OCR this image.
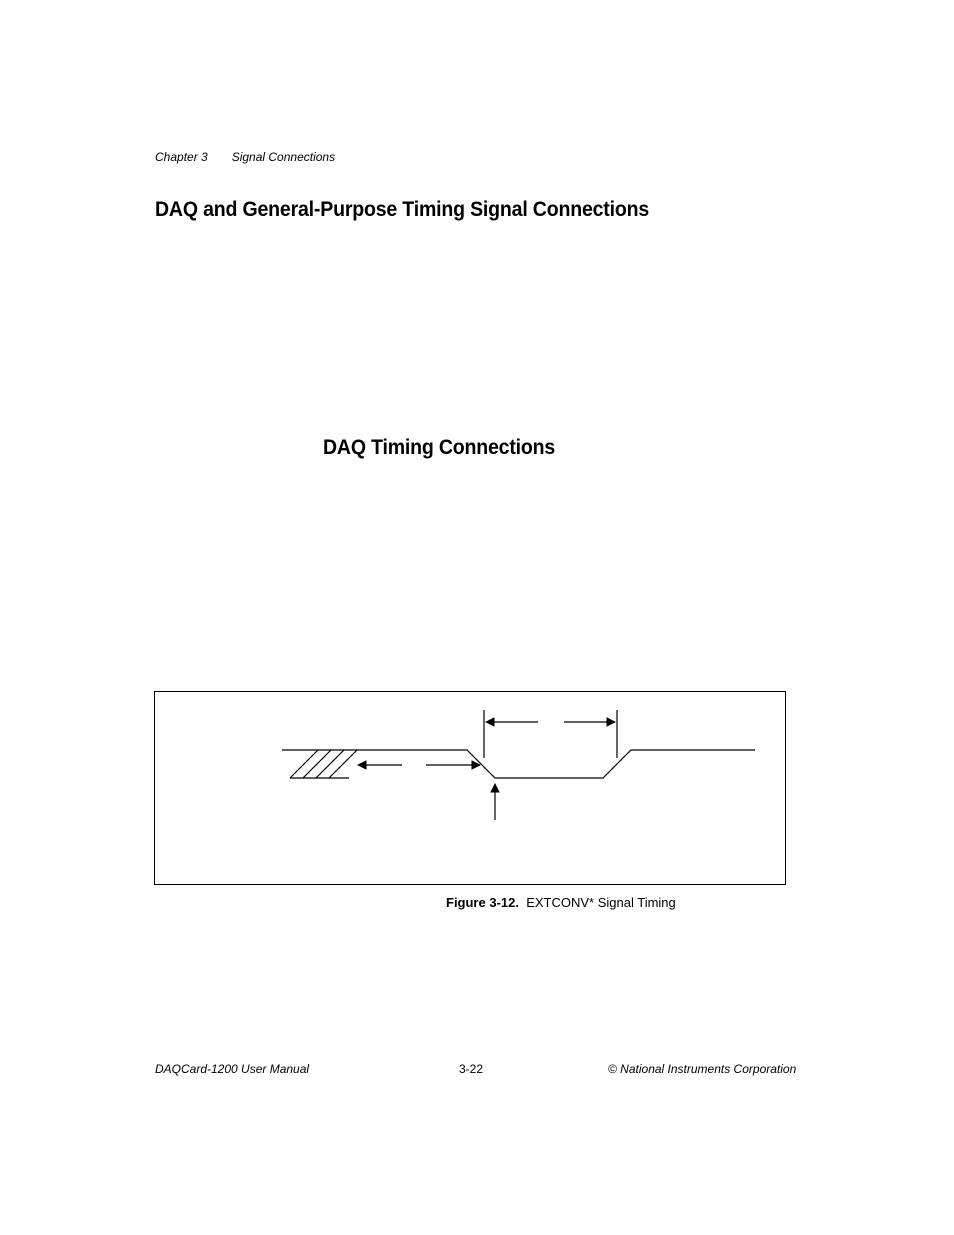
Chapter 3 Signal Connections
DAQ and General-Purpose Timing Signal Connections
DAQ Timing Connections
Figure 3-12. EXTCONV* Signal Timing
DAQCard-1200 User Manual	3-22	© National Instruments Corporation
